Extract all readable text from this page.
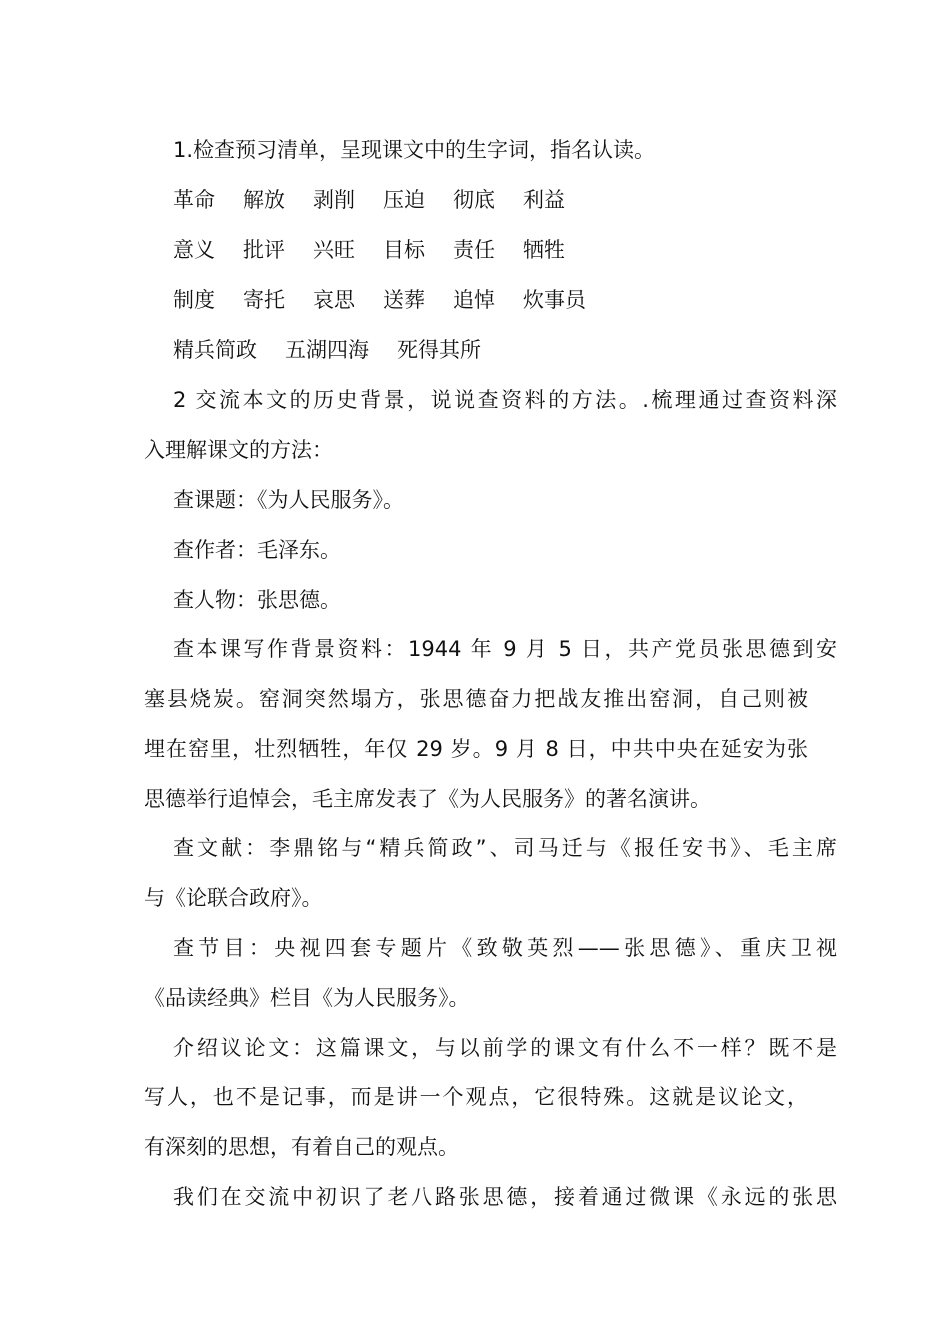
1.检查预习清单，呈现课文中的生字词，指名认读。
革命 解放 剥削 压迫 彻底 利益
意义 批评 兴旺 目标 责任 牺牲
制度 寄托 哀思 送葬 追悼 炊事员
精兵简政 五湖四海 死得其所
2 交流本文的历史背景，说说查资料的方法。.梳理通过查资料深
入理解课文的方法：
查课题：《为人民服务》。
查作者：毛泽东。
查人物：张思德。
查本课写作背景资料：1944 年 9 月 5 日，共产党员张思德到安
塞县烧炭。窑洞突然塌方，张思德奋力把战友推出窑洞，自己则被
埋在窑里，壮烈牺牲，年仅 29 岁。9 月 8 日，中共中央在延安为张
思德举行追悼会，毛主席发表了《为人民服务》的著名演讲。
查文献：李鼎铭与“精兵简政”、司马迁与《报任安书》、毛主席
与《论联合政府》。
查节目：央视四套专题片《致敬英烈——张思德》、重庆卫视
《品读经典》栏目《为人民服务》。
介绍议论文：这篇课文，与以前学的课文有什么不一样？既不是
写人，也不是记事，而是讲一个观点，它很特殊。这就是议论文，
有深刻的思想，有着自己的观点。
我们在交流中初识了老八路张思德，接着通过微课《永远的张思
